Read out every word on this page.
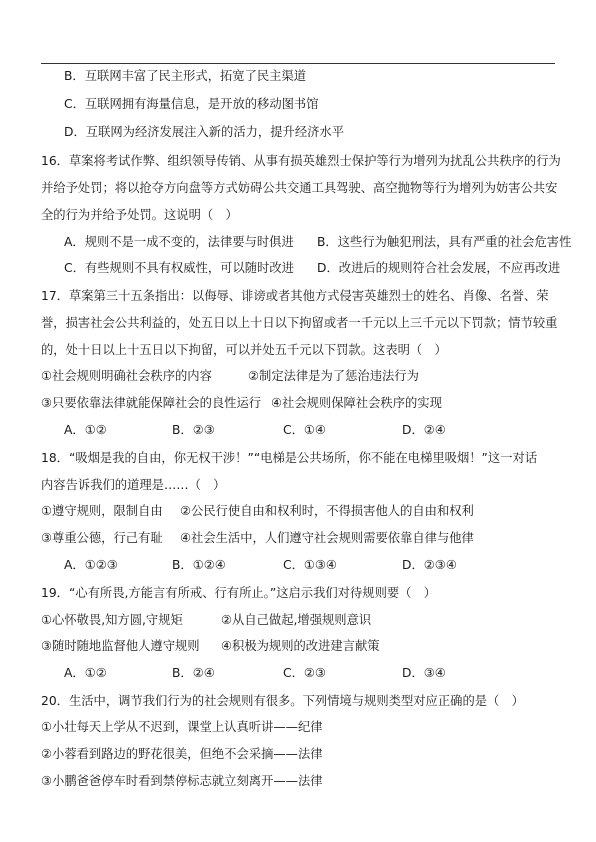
B．互联网丰富了民主形式，拓宽了民主渠道
C．互联网拥有海量信息，是开放的移动图书馆
D．互联网为经济发展注入新的活力，提升经济水平
16．草案将考试作弊、组织领导传销、从事有损英雄烈士保护等行为增列为扰乱公共秩序的行为
并给予处罚；将以抢夺方向盘等方式妨碍公共交通工具驾驶、高空抛物等行为增列为妨害公共安
全的行为并给予处罚。这说明（　）
A．规则不是一成不变的，法律要与时俱进 B．这些行为触犯刑法，具有严重的社会危害性
C．有些规则不具有权威性，可以随时改进 D．改进后的规则符合社会发展，不应再改进
17．草案第三十五条指出：以侮辱、诽谤或者其他方式侵害英雄烈士的姓名、肖像、名誉、荣
誉，损害社会公共利益的，处五日以上十日以下拘留或者一千元以上三千元以下罚款；情节较重
的，处十日以上十五日以下拘留，可以并处五千元以下罚款。这表明（　）
①社会规则明确社会秩序的内容	②制定法律是为了惩治违法行为
③只要依靠法律就能保障社会的良性运行 ④社会规则保障社会秩序的实现
A．①②	B．②③	C．①④	D．②④
18．“吸烟是我的自由，你无权干涉！”“电梯是公共场所，你不能在电梯里吸烟！”这一对话
内容告诉我们的道理是……（　）
①遵守规则，限制自由 ②公民行使自由和权利时，不得损害他人的自由和权利
③尊重公德，行己有耻 ④社会生活中，人们遵守社会规则需要依靠自律与他律
A．①②③	B．①②④	C．①③④	D．②③④
19．“心有所畏,方能言有所戒、行有所止。”这启示我们对待规则要（　）
①心怀敬畏,知方圆,守规矩	②从自己做起,增强规则意识
③随时随地监督他人遵守规则 ④积极为规则的改进建言献策
A．①②	B．②④	C．②③	D．③④
20．生活中，调节我们行为的社会规则有很多。下列情境与规则类型对应正确的是（　）
①小壮每天上学从不迟到，课堂上认真听讲——纪律
②小蓉看到路边的野花很美，但绝不会采摘——法律
③小鹏爸爸停车时看到禁停标志就立刻离开——法律
